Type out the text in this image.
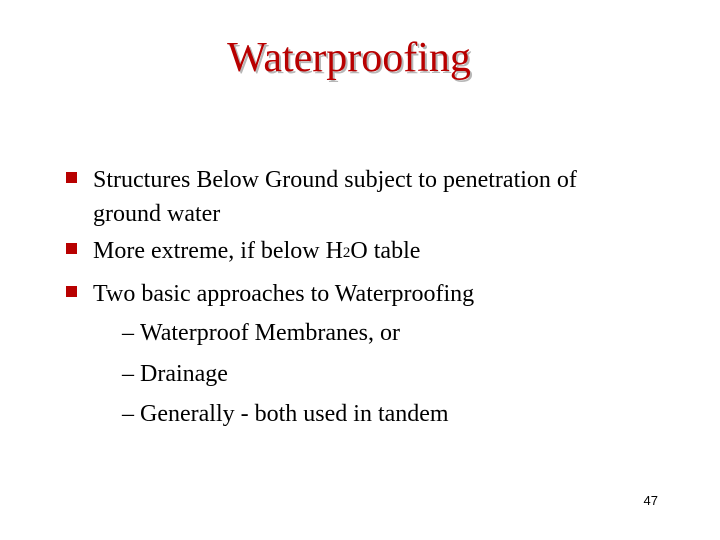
Waterproofing
Structures Below Ground subject to penetration of
ground water
More extreme, if below H2O table
Two basic approaches to Waterproofing
– Waterproof Membranes, or
– Drainage
– Generally - both used in tandem
47
